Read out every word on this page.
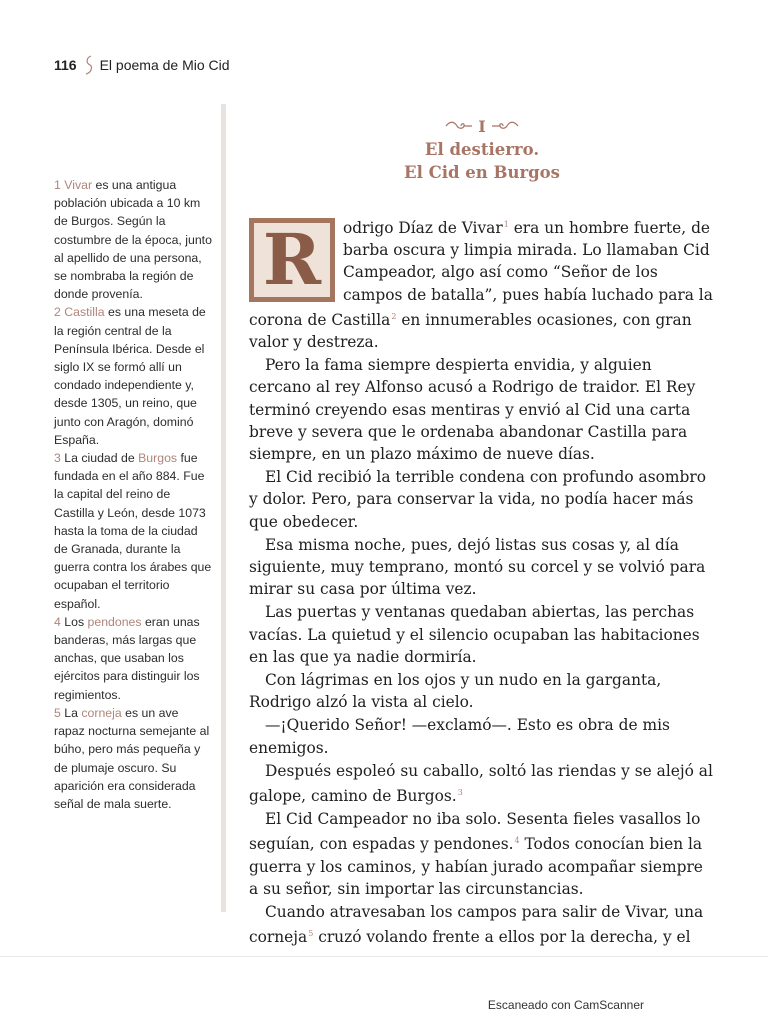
116 El poema de Mio Cid

1 Vivar es una antigua población ubicada a 10 km de Burgos. Según la costumbre de la época, junto al apellido de una persona, se nombraba la región de donde provenía.

2 Castilla es una meseta de la región central de la Península Ibérica. Desde el siglo IX se formó allí un condado independiente y, desde 1305, un reino, que junto con Aragón, dominó España.

3 La ciudad de Burgos fue fundada en el año 884. Fue la capital del reino de Castilla y León, desde 1073 hasta la toma de la ciudad de Granada, durante la guerra contra los árabes que ocupaban el territorio español.

4 Los pendones eran unas banderas, más largas que anchas, que usaban los ejércitos para distinguir los regimientos.

5 La corneja es un ave rapaz nocturna semejante al búho, pero más pequeña y de plumaje oscuro. Su aparición era considerada señal de mala suerte.

I
El destierro.
El Cid en Burgos
R	odrigo Díaz de Vivar$^1$ era un hombre fuerte, de barba oscura y limpia mirada. Lo llamaban Cid Campeador, algo así como “Señor de los campos de batalla”, pues había luchado para la corona de Castilla$^2$ en innumerables ocasiones, con gran valor y destreza.

Pero la fama siempre despierta envidia, y alguien cercano al rey Alfonso acusó a Rodrigo de traidor. El Rey terminó creyendo esas mentiras y envió al Cid una carta breve y severa que le ordenaba abandonar Castilla para siempre, en un plazo máximo de nueve días.

El Cid recibió la terrible condena con profundo asombro y dolor. Pero, para conservar la vida, no podía hacer más que obedecer.

Esa misma noche, pues, dejó listas sus cosas y, al día siguiente, muy temprano, montó su corcel y se volvió para mirar su casa por última vez.

Las puertas y ventanas quedaban abiertas, las perchas vacías. La quietud y el silencio ocupaban las habitaciones en las que ya nadie dormiría.

Con lágrimas en los ojos y un nudo en la garganta, Rodrigo alzó la vista al cielo.

—¡Querido Señor! —exclamó—. Esto es obra de mis enemigos.

Después espoleó su caballo, soltó las riendas y se alejó al galope, camino de Burgos.$^3$

El Cid Campeador no iba solo. Sesenta fieles vasallos lo seguían, con espadas y pendones.$^4$ Todos conocían bien la guerra y los caminos, y habían jurado acompañar siempre a su señor, sin importar las circunstancias.

Cuando atravesaban los campos para salir de Vivar, una corneja$^5$ cruzó volando frente a ellos por la derecha, y el

Escaneado con CamScanner
